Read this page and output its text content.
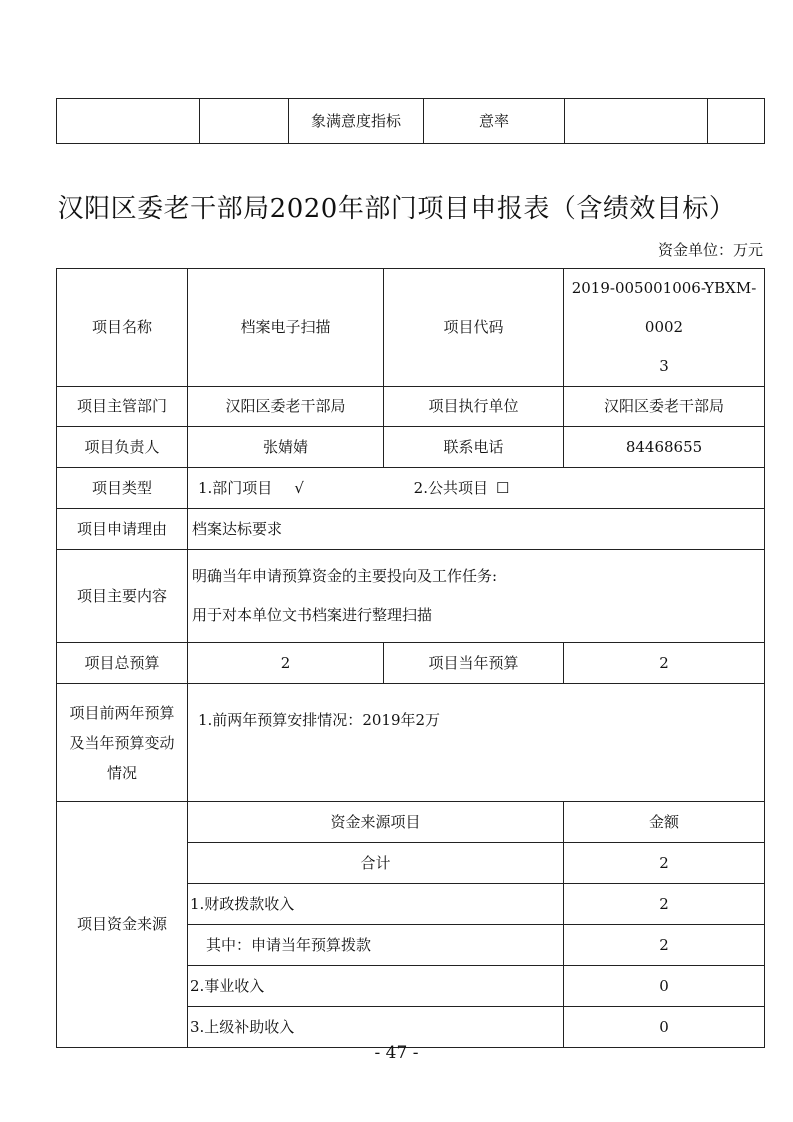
		象满意度指标	意率		
汉阳区委老干部局2020年部门项目申报表（含绩效目标）
资金单位：万元
项目名称	档案电子扫描	项目代码	2019-005001006-YBXM-0002
3

项目主管部门	汉阳区委老干部局	项目执行单位	汉阳区委老干部局
项目负责人	张婧婧	联系电话	84468655
项目类型	1.部门项目 √ 2.公共项目 ☐		
项目申请理由	档案达标要求		
项目主要内容	明确当年申请预算资金的主要投向及工作任务:
用于对本单位文书档案进行整理扫描		

项目总预算	2	项目当年预算	2

项目前两年预算
及当年预算变动
情况	1.前两年预算安排情况：2019年2万		
项目资金来源	资金来源项目		金额
	合计		2
	1.财政拨款收入		2
	其中：申请当年预算拨款		2
	2.事业收入		0
	3.上级补助收入		0
- 47 -
